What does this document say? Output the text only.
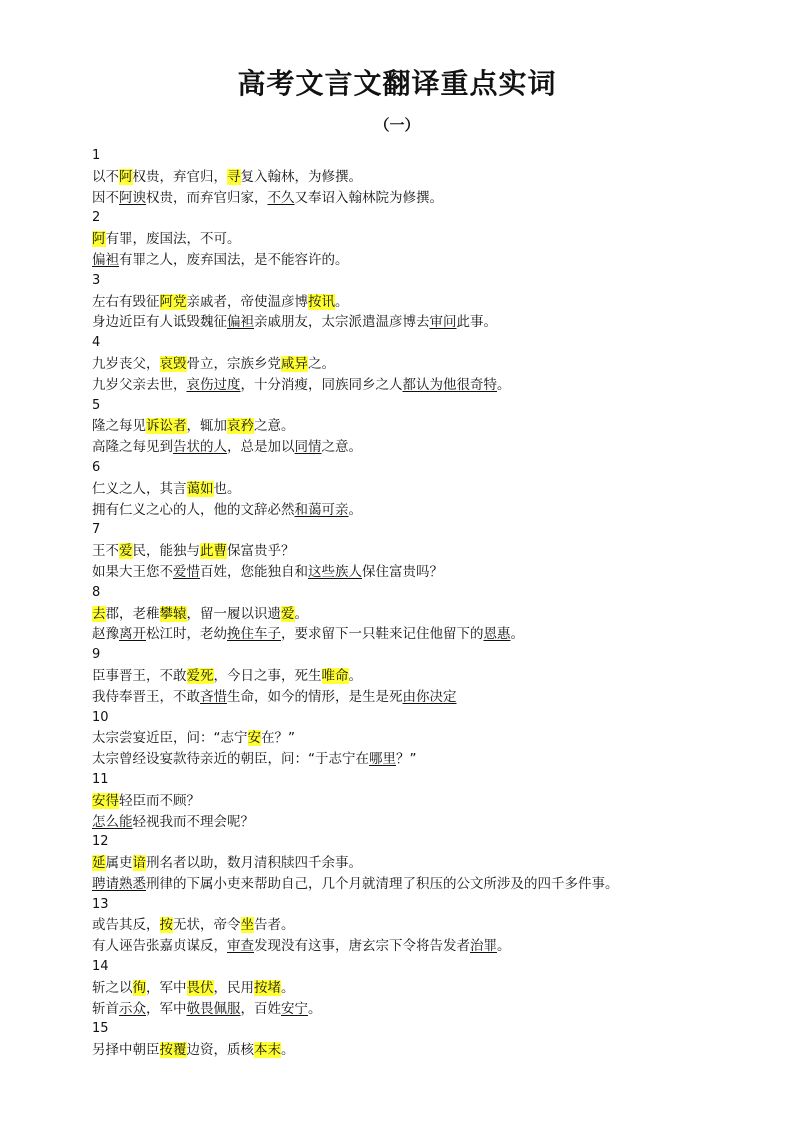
高考文言文翻译重点实词
（一）
1
以不阿权贵，弃官归，寻复入翰林，为修撰。
因不阿谀权贵，而弃官归家，不久又奉诏入翰林院为修撰。
2
阿有罪，废国法，不可。
偏袒有罪之人，废弃国法，是不能容许的。
3
左右有毁征阿党亲戚者，帝使温彦博按讯。
身边近臣有人诋毁魏征偏袒亲戚朋友，太宗派遣温彦博去审问此事。
4
九岁丧父，哀毁骨立，宗族乡党咸异之。
九岁父亲去世，哀伤过度，十分消瘦，同族同乡之人都认为他很奇特。
5
隆之每见诉讼者，辄加哀矜之意。
高隆之每见到告状的人，总是加以同情之意。
6
仁义之人，其言蔼如也。
拥有仁义之心的人，他的文辞必然和蔼可亲。
7
王不爱民，能独与此曹保富贵乎？
如果大王您不爱惜百姓，您能独自和这些族人保住富贵吗？
8
去郡，老稚攀辕，留一履以识遗爱。
赵豫离开松江时，老幼挽住车子，要求留下一只鞋来记住他留下的恩惠。
9
臣事晋王，不敢爱死，今日之事，死生唯命。
我侍奉晋王，不敢吝惜生命，如今的情形，是生是死由你决定
10
太宗尝宴近臣，问：“志宁安在？”
太宗曾经设宴款待亲近的朝臣，问：“于志宁在哪里？”
11
安得轻臣而不顾？
怎么能轻视我而不理会呢？
12
延属吏谙刑名者以助，数月清积牍四千余事。
聘请熟悉刑律的下属小吏来帮助自己，几个月就清理了积压的公文所涉及的四千多件事。
13
或告其反，按无状，帝令坐告者。
有人诬告张嘉贞谋反，审查发现没有这事，唐玄宗下令将告发者治罪。
14
斩之以徇，军中畏伏，民用按堵。
斩首示众，军中敬畏佩服，百姓安宁。
15
另择中朝臣按覆边资，质核本末。
